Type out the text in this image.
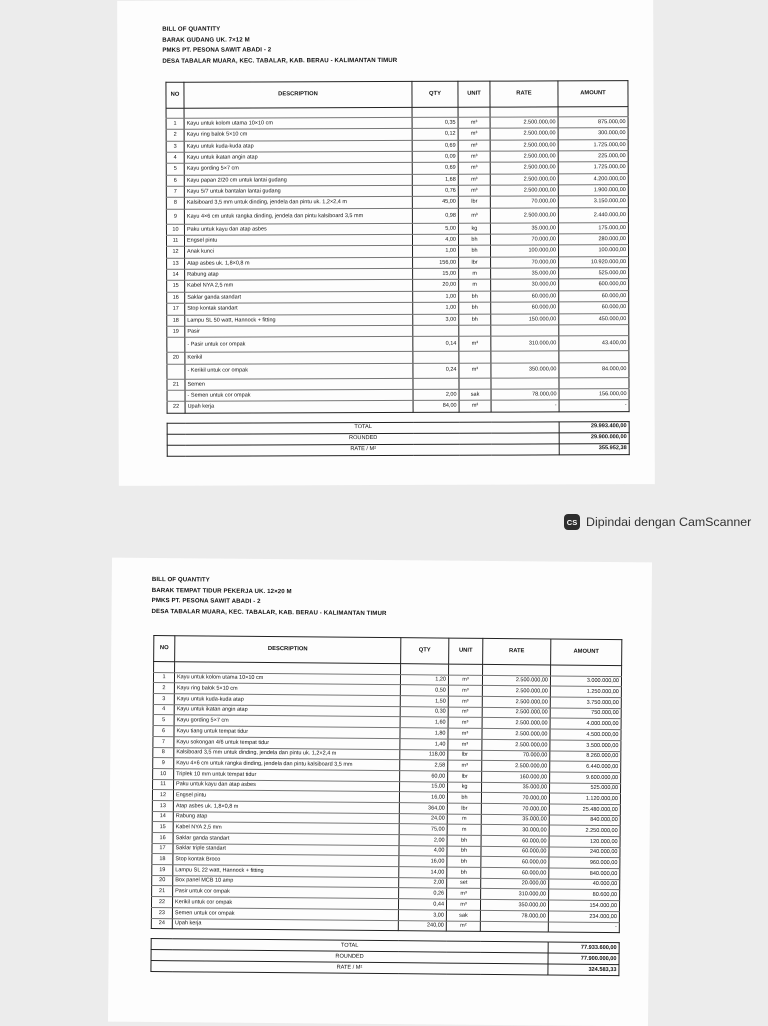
BILL OF QUANTITY
BARAK GUDANG UK. 7×12 M
PMKS PT. PESONA SAWIT ABADI - 2
DESA TABALAR MUARA, KEC. TABALAR, KAB. BERAU - KALIMANTAN TIMUR
NO	DESCRIPTION	QTY	UNIT	RATE	AMOUNT

1	Kayu untuk kolom utama 10×10 cm	0,35	m³	2.500.000,00	875.000,00
2	Kayu ring balok 5×10 cm	0,12	m³	2.500.000,00	300.000,00
3	Kayu untuk kuda-kuda atap	0,69	m³	2.500.000,00	1.725.000,00
4	Kayu untuk ikatan angin atap	0,09	m³	2.500.000,00	225.000,00
5	Kayu gording 5×7 cm	0,69	m³	2.500.000,00	1.725.000,00
6	Kayu papan 2/20 cm untuk lantai gudang	1,68	m³	2.500.000,00	4.200.000,00
7	Kayu 5/7 untuk bantalan lantai gudang	0,76	m³	2.500.000,00	1.900.000,00
8	Kalsiboard 3,5 mm untuk dinding, jendela dan pintu uk. 1,2×2,4 m	45,00	lbr	70.000,00	3.150.000,00
9	Kayu 4×6 cm untuk rangka dinding, jendela dan pintu kalsiboard 3,5 mm	0,98	m³	2.500.000,00	2.440.000,00
10	Paku untuk kayu dan atap asbes	5,00	kg	35.000,00	175.000,00
11	Engsel pintu	4,00	bh	70.000,00	280.000,00
12	Anak kunci	1,00	bh	100.000,00	100.000,00
13	Atap asbes uk. 1,8×0,8 m	156,00	lbr	70.000,00	10.920.000,00
14	Rabung atap	15,00	m	35.000,00	525.000,00
15	Kabel NYA 2,5 mm	20,00	m	30.000,00	600.000,00
16	Saklar ganda standart	1,00	bh	60.000,00	60.000,00
17	Stop kontak standart	1,00	bh	60.000,00	60.000,00
18	Lampu SL 50 watt, Hannock + fitting	3,00	bh	150.000,00	450.000,00
19	Pasir				
	- Pasir untuk cor ompak	0,14	m³	310.000,00	43.400,00
20	Kerikil				
	- Kerikil untuk cor ompak	0,24	m³	350.000,00	84.000,00
21	Semen				
	- Semen untuk cor ompak	2,00	sak	78.000,00	156.000,00
22	Upah kerja	84,00	m²	-	-

TOTAL					29.993.400,00
ROUNDED					29.900.000,00
RATE / M²					355.952,38
CS Dipindai dengan CamScanner
BILL OF QUANTITY
BARAK TEMPAT TIDUR PEKERJA UK. 12×20 M
PMKS PT. PESONA SAWIT ABADI - 2
DESA TABALAR MUARA, KEC. TABALAR, KAB. BERAU - KALIMANTAN TIMUR
NO	DESCRIPTION	QTY	UNIT	RATE	AMOUNT

1	Kayu untuk kolom utama 10×10 cm	1,20	m³	2.500.000,00	3.000.000,00
2	Kayu ring balok 5×10 cm	0,50	m³	2.500.000,00	1.250.000,00
3	Kayu untuk kuda-kuda atap	1,50	m³	2.500.000,00	3.750.000,00
4	Kayu untuk ikatan angin atap	0,30	m³	2.500.000,00	750.000,00
5	Kayu gording 5×7 cm	1,60	m³	2.500.000,00	4.000.000,00
6	Kayu tiang untuk tempat tidur	1,80	m³	2.500.000,00	4.500.000,00
7	Kayu sokongan 4/6 untuk tempat tidur	1,40	m³	2.500.000,00	3.500.000,00
8	Kalsiboard 3,5 mm untuk dinding, jendela dan pintu uk. 1,2×2,4 m	118,00	lbr	70.000,00	8.260.000,00
9	Kayu 4×6 cm untuk rangka dinding, jendela dan pintu kalsiboard 3,5 mm	2,58	m³	2.500.000,00	6.440.000,00
10	Triplek 10 mm untuk tempat tidur	60,00	lbr	160.000,00	9.600.000,00
11	Paku untuk kayu dan atap asbes	15,00	kg	35.000,00	525.000,00
12	Engsel pintu	16,00	bh	70.000,00	1.120.000,00
13	Atap asbes uk. 1,8×0,8 m	364,00	lbr	70.000,00	25.480.000,00
14	Rabung atap	24,00	m	35.000,00	840.000,00
15	Kabel NYA 2,5 mm	75,00	m	30.000,00	2.250.000,00
16	Saklar ganda standart	2,00	bh	60.000,00	120.000,00
17	Saklar triple standart	4,00	bh	60.000,00	240.000,00
18	Stop kontak Broco	16,00	bh	60.000,00	960.000,00
19	Lampu SL 22 watt, Hannock + fitting	14,00	bh	60.000,00	840.000,00
20	Box panel MCB 10 amp	2,00	set	20.000,00	40.000,00
21	Pasir untuk cor ompak	0,26	m³	310.000,00	80.600,00
22	Kerikil untuk cor ompak	0,44	m³	350.000,00	154.000,00
23	Semen untuk cor ompak	3,00	sak	78.000,00	234.000,00
24	Upah kerja	240,00	m²		-

TOTAL					77.933.600,00
ROUNDED					77.900.000,00
RATE / M²					324.583,33
